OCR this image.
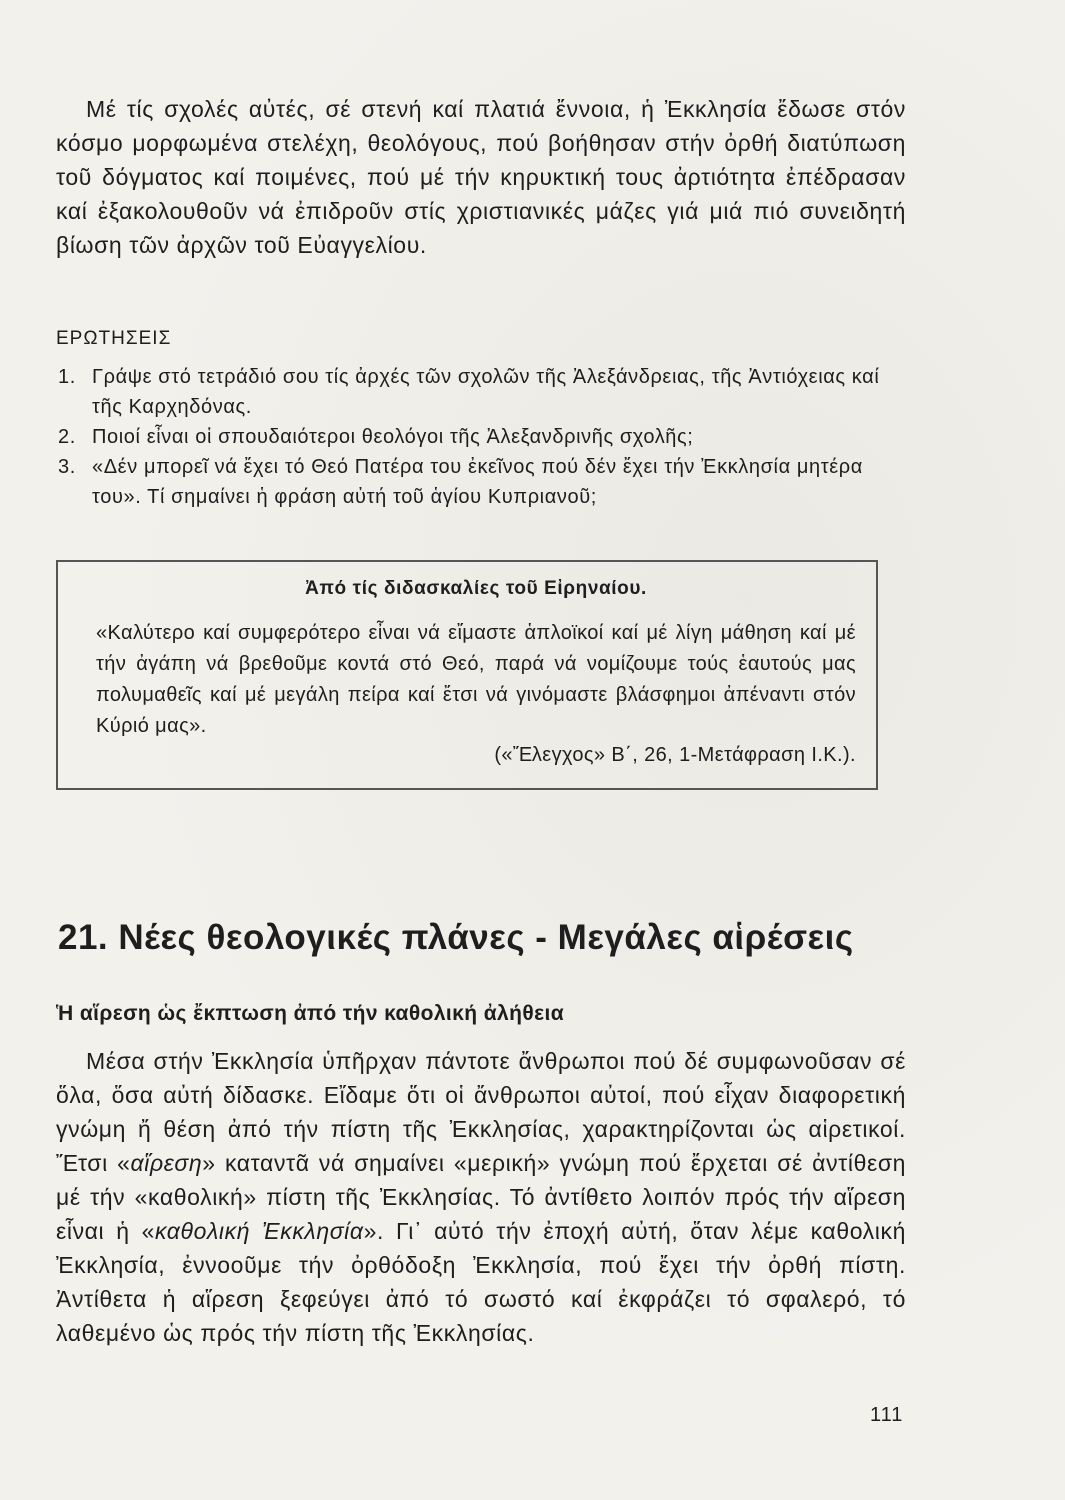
Μέ τίς σχολές αὐτές, σέ στενή καί πλατιά ἔννοια, ἡ Ἐκκλησία ἔδωσε στόν κόσμο μορφωμένα στελέχη, θεολόγους, πού βοήθησαν στήν ὀρθή διατύπωση τοῦ δόγματος καί ποιμένες, πού μέ τήν κηρυκτική τους ἀρτιότητα ἐπέδρασαν καί ἐξακολουθοῦν νά ἐπιδροῦν στίς χριστιανικές μάζες γιά μιά πιό συνειδητή βίωση τῶν ἀρχῶν τοῦ Εὐαγγελίου.

ΕΡΩΤΗΣΕΙΣ
1. Γράψε στό τετράδιό σου τίς ἀρχές τῶν σχολῶν τῆς Ἀλεξάνδρειας, τῆς Ἀντιόχειας καί τῆς Καρχηδόνας.
2. Ποιοί εἶναι οἱ σπουδαιότεροι θεολόγοι τῆς Ἀλεξανδρινῆς σχολῆς;
3. «Δέν μπορεῖ νά ἔχει τό Θεό Πατέρα του ἐκεῖνος πού δέν ἔχει τήν Ἐκκλησία μητέρα του». Τί σημαίνει ἡ φράση αὐτή τοῦ ἁγίου Κυπριανοῦ;
Ἀπό τίς διδασκαλίες τοῦ Εἰρηναίου.

«Καλύτερο καί συμφερότερο εἶναι νά εἴμαστε ἁπλοϊκοί καί μέ λίγη μάθηση καί μέ τήν ἀγάπη νά βρεθοῦμε κοντά στό Θεό, παρά νά νομίζουμε τούς ἑαυτούς μας πολυμαθεῖς καί μέ μεγάλη πείρα καί ἔτσι νά γινόμαστε βλάσφημοι ἀπέναντι στόν Κύριό μας».

(«Ἔλεγχος» Β΄, 26, 1-Μετάφραση Ι.Κ.).

21. Νέες θεολογικές πλάνες - Μεγάλες αἱρέσεις
Ἡ αἵρεση ὡς ἔκπτωση ἀπό τήν καθολική ἀλήθεια

Μέσα στήν Ἐκκλησία ὑπῆρχαν πάντοτε ἄνθρωποι πού δέ συμφωνοῦσαν σέ ὅλα, ὅσα αὐτή δίδασκε. Εἴδαμε ὅτι οἱ ἄνθρωποι αὐτοί, πού εἶχαν διαφορετική γνώμη ἤ θέση ἀπό τήν πίστη τῆς Ἐκκλησίας, χαρακτηρίζονται ὡς αἱρετικοί. Ἔτσι «αἵρεση» καταντᾶ νά σημαίνει «μερική» γνώμη πού ἔρχεται σέ ἀντίθεση μέ τήν «καθολική» πίστη τῆς Ἐκκλησίας. Τό ἀντίθετο λοιπόν πρός τήν αἵρεση εἶναι ἡ «καθολική Ἐκκλησία». Γι᾽ αὐτό τήν ἐποχή αὐτή, ὅταν λέμε καθολική Ἐκκλησία, ἐννοοῦμε τήν ὀρθόδοξη Ἐκκλησία, πού ἔχει τήν ὀρθή πίστη. Ἀντίθετα ἡ αἵρεση ξεφεύγει ἀπό τό σωστό καί ἐκφράζει τό σφαλερό, τό λαθεμένο ὡς πρός τήν πίστη τῆς Ἐκκλησίας.

111
